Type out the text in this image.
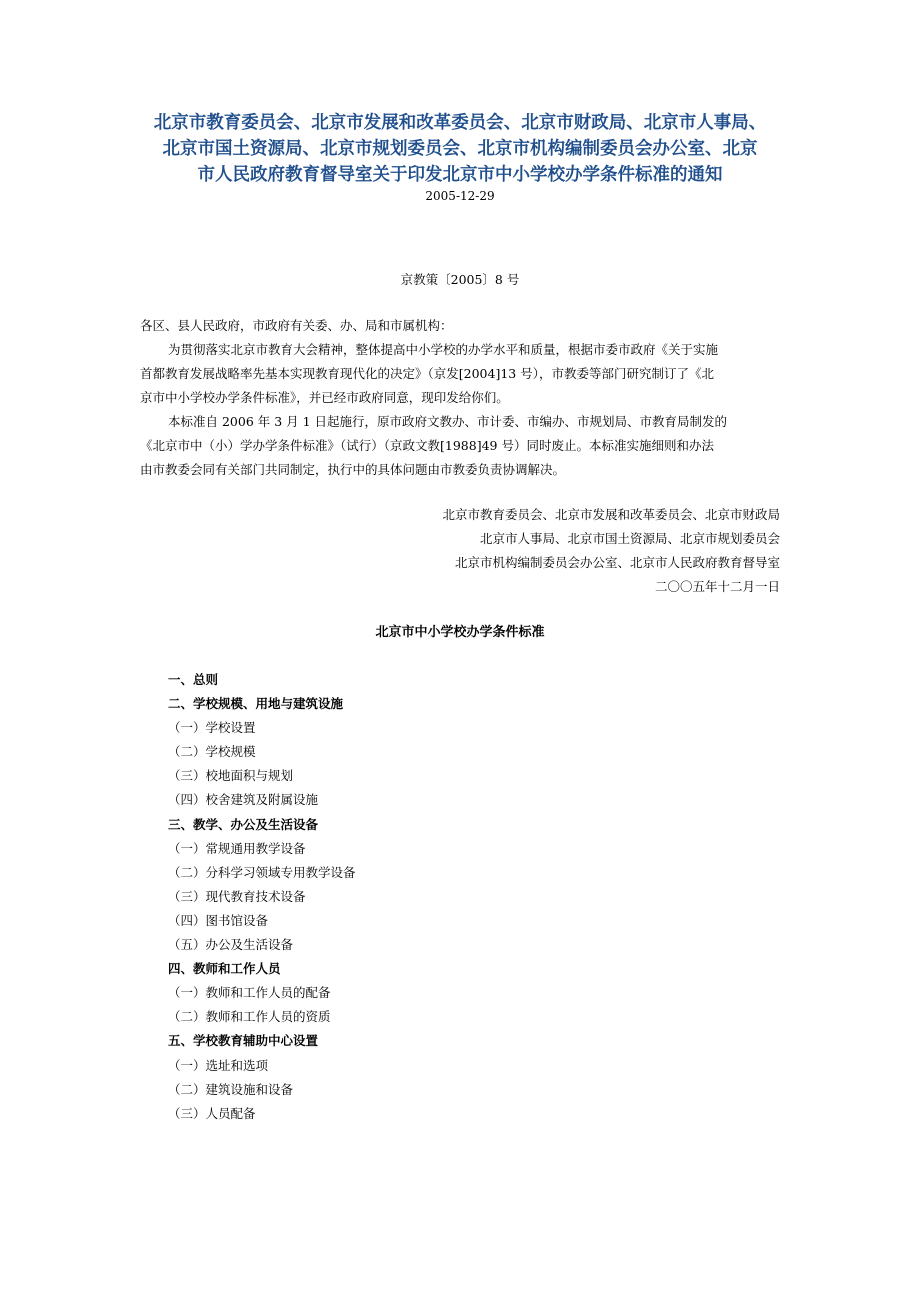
北京市教育委员会、北京市发展和改革委员会、北京市财政局、北京市人事局、
北京市国土资源局、北京市规划委员会、北京市机构编制委员会办公室、北京
市人民政府教育督导室关于印发北京市中小学校办学条件标准的通知
2005-12-29
京教策〔2005〕8 号

各区、县人民政府，市政府有关委、办、局和市属机构：

为贯彻落实北京市教育大会精神，整体提高中小学校的办学水平和质量，根据市委市政府《关于实施

首都教育发展战略率先基本实现教育现代化的决定》（京发[2004]13 号），市教委等部门研究制订了《北

京市中小学校办学条件标准》，并已经市政府同意，现印发给你们。

本标准自 2006 年 3 月 1 日起施行，原市政府文教办、市计委、市编办、市规划局、市教育局制发的

《北京市中（小）学办学条件标准》（试行）（京政文教[1988]49 号）同时废止。本标准实施细则和办法

由市教委会同有关部门共同制定，执行中的具体问题由市教委负责协调解决。

北京市教育委员会、北京市发展和改革委员会、北京市财政局
北京市人事局、北京市国土资源局、北京市规划委员会
北京市机构编制委员会办公室、北京市人民政府教育督导室
二〇〇五年十二月一日
北京市中小学校办学条件标准
一、总则
二、学校规模、用地与建筑设施
（一）学校设置
（二）学校规模
（三）校地面积与规划
（四）校舍建筑及附属设施
三、教学、办公及生活设备
（一）常规通用教学设备
（二）分科学习领域专用教学设备
（三）现代教育技术设备
（四）图书馆设备
（五）办公及生活设备
四、教师和工作人员
（一）教师和工作人员的配备
（二）教师和工作人员的资质
五、学校教育辅助中心设置
（一）选址和选项
（二）建筑设施和设备
（三）人员配备
